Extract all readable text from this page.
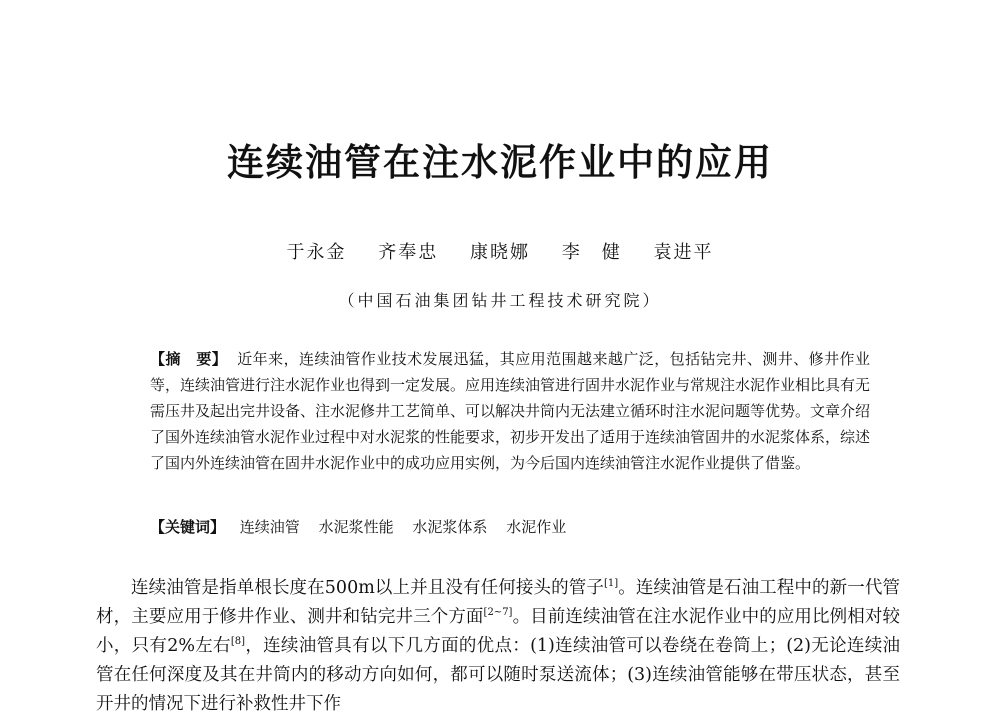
连续油管在注水泥作业中的应用
于永金 齐奉忠 康晓娜 李　健 袁进平
（中国石油集团钻井工程技术研究院）
【摘　要】 近年来，连续油管作业技术发展迅猛，其应用范围越来越广泛，包括钻完井、测井、修井作业等，连续油管进行注水泥作业也得到一定发展。应用连续油管进行固井水泥作业与常规注水泥作业相比具有无需压井及起出完井设备、注水泥修井工艺简单、可以解决井筒内无法建立循环时注水泥问题等优势。文章介绍了国外连续油管水泥作业过程中对水泥浆的性能要求，初步开发出了适用于连续油管固井的水泥浆体系，综述了国内外连续油管在固井水泥作业中的成功应用实例，为今后国内连续油管注水泥作业提供了借鉴。
【关键词】 连续油管 水泥浆性能 水泥浆体系 水泥作业
连续油管是指单根长度在500m以上并且没有任何接头的管子[1]。连续油管是石油工程中的新一代管材，主要应用于修井作业、测井和钻完井三个方面[2~7]。目前连续油管在注水泥作业中的应用比例相对较小，只有2%左右[8]，连续油管具有以下几方面的优点：(1)连续油管可以卷绕在卷筒上；(2)无论连续油管在任何深度及其在井筒内的移动方向如何，都可以随时泵送流体；(3)连续油管能够在带压状态，甚至开井的情况下进行补救性井下作
